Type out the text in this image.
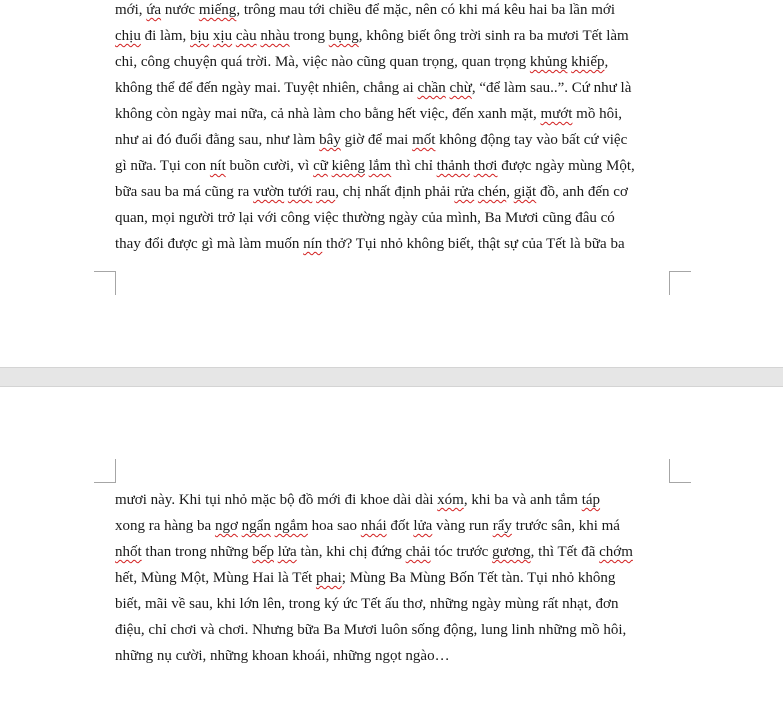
mới, ứa nước miếng, trông mau tới chiều để mặc, nên có khi má kêu hai ba lần mới
chịu đi làm, bịu xịu càu nhàu trong bụng, không biết ông trời sinh ra ba mươi Tết làm
chi, công chuyện quá trời. Mà, việc nào cũng quan trọng, quan trọng khủng khiếp,
không thể để đến ngày mai. Tuyệt nhiên, chẳng ai chần chừ, “để làm sau..”. Cứ như là
không còn ngày mai nữa, cả nhà làm cho bằng hết việc, đến xanh mặt, mướt mồ hôi,
như ai đó đuổi đằng sau, như làm bây giờ để mai mốt không động tay vào bất cứ việc
gì nữa. Tụi con nít buồn cười, vì cữ kiêng lắm thì chỉ thảnh thơi được ngày mùng Một,
bữa sau ba má cũng ra vườn tưới rau, chị nhất định phải rửa chén, giặt đồ, anh đến cơ
quan, mọi người trở lại với công việc thường ngày của mình, Ba Mươi cũng đâu có
thay đổi được gì mà làm muốn nín thở? Tụi nhỏ không biết, thật sự của Tết là bữa ba
mươi này. Khi tụi nhỏ mặc bộ đồ mới đi khoe dài dài xóm, khi ba và anh tắm táp
xong ra hàng ba ngơ ngẩn ngắm hoa sao nhái đốt lửa vàng run rẩy trước sân, khi má
nhốt than trong những bếp lửa tàn, khi chị đứng chải tóc trước gương, thì Tết đã chớm
hết, Mùng Một, Mùng Hai là Tết phai; Mùng Ba Mùng Bốn Tết tàn. Tụi nhỏ không
biết, mãi về sau, khi lớn lên, trong ký ức Tết ấu thơ, những ngày mùng rất nhạt, đơn
điệu, chỉ chơi và chơi. Nhưng bữa Ba Mươi luôn sống động, lung linh những mồ hôi,
những nụ cười, những khoan khoái, những ngọt ngào…
